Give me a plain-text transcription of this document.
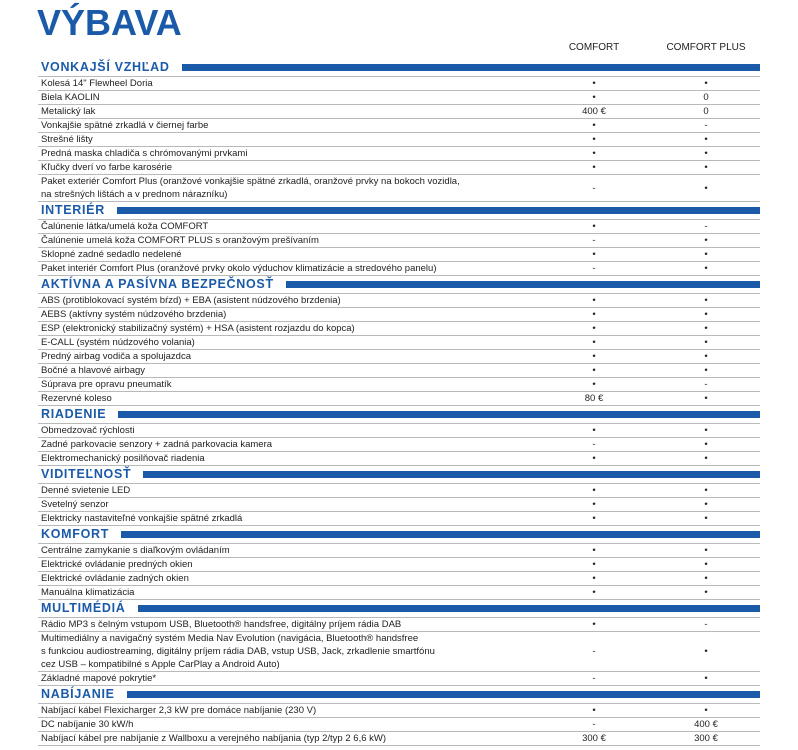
VÝBAVA
COMFORT	COMFORT PLUS
VONKAJŠÍ VZHĽAD
Kolesá 14" Flewheel Doria	•	•
Biela KAOLIN	•	0
Metalický lak	400 €	0
Vonkajšie spätné zrkadlá v čiernej farbe	•	-
Strešné lišty	•	•
Predná maska chladiča s chrómovanými prvkami	•	•
Kľučky dverí vo farbe karosérie	•	•
Paket exteriér Comfort Plus (oranžové vonkajšie spätné zrkadlá, oranžové prvky na bokoch vozidla,
na strešných lištách a v prednom nárazníku)
-	•
INTERIÉR
Čalúnenie látka/umelá koža COMFORT	•	-
Čalúnenie umelá koža COMFORT PLUS s oranžovým prešívaním	-	•
Sklopné zadné sedadlo nedelené	•	•
Paket interiér Comfort Plus (oranžové prvky okolo výduchov klimatizácie a stredového panelu)	-	•
AKTÍVNA A PASÍVNA BEZPEČNOSŤ
ABS (protiblokovací systém bŕzd) + EBA (asistent núdzového brzdenia)	•	•
AEBS (aktívny systém núdzového brzdenia)	•	•
ESP (elektronický stabilizačný systém) + HSA (asistent rozjazdu do kopca)	•	•
E-CALL (systém núdzového volania)	•	•
Predný airbag vodiča a spolujazdca	•	•
Bočné a hlavové airbagy	•	•
Súprava pre opravu pneumatík	•	-
Rezervné koleso	80 €	•
RIADENIE
Obmedzovač rýchlosti	•	•
Zadné parkovacie senzory + zadná parkovacia kamera	-	•
Elektromechanický posilňovač riadenia	•	•
VIDITEĽNOSŤ
Denné svietenie LED	•	•
Svetelný senzor	•	•
Elektricky nastaviteľné vonkajšie spätné zrkadlá	•	•
KOMFORT
Centrálne zamykanie s diaľkovým ovládaním	•	•
Elektrické ovládanie predných okien	•	•
Elektrické ovládanie zadných okien	•	•
Manuálna klimatizácia	•	•
MULTIMÉDIÁ
Rádio MP3 s čelným vstupom USB, Bluetooth® handsfree, digitálny príjem rádia DAB	•	-
Multimediálny a navigačný systém Media Nav Evolution (navigácia, Bluetooth® handsfree
s funkciou audiostreaming, digitálny príjem rádia DAB, vstup USB, Jack, zrkadlenie smartfónu
cez USB – kompatibilné s Apple CarPlay a Android Auto)
-	•
Základné mapové pokrytie*	-	•
NABÍJANIE
Nabíjací kábel Flexicharger 2,3 kW pre domáce nabíjanie (230 V)	•	•
DC nabíjanie 30 kW/h	-	400 €
Nabíjací kábel pre nabíjanie z Wallboxu a verejného nabíjania (typ 2/typ 2 6,6 kW)	300 €	300 €
